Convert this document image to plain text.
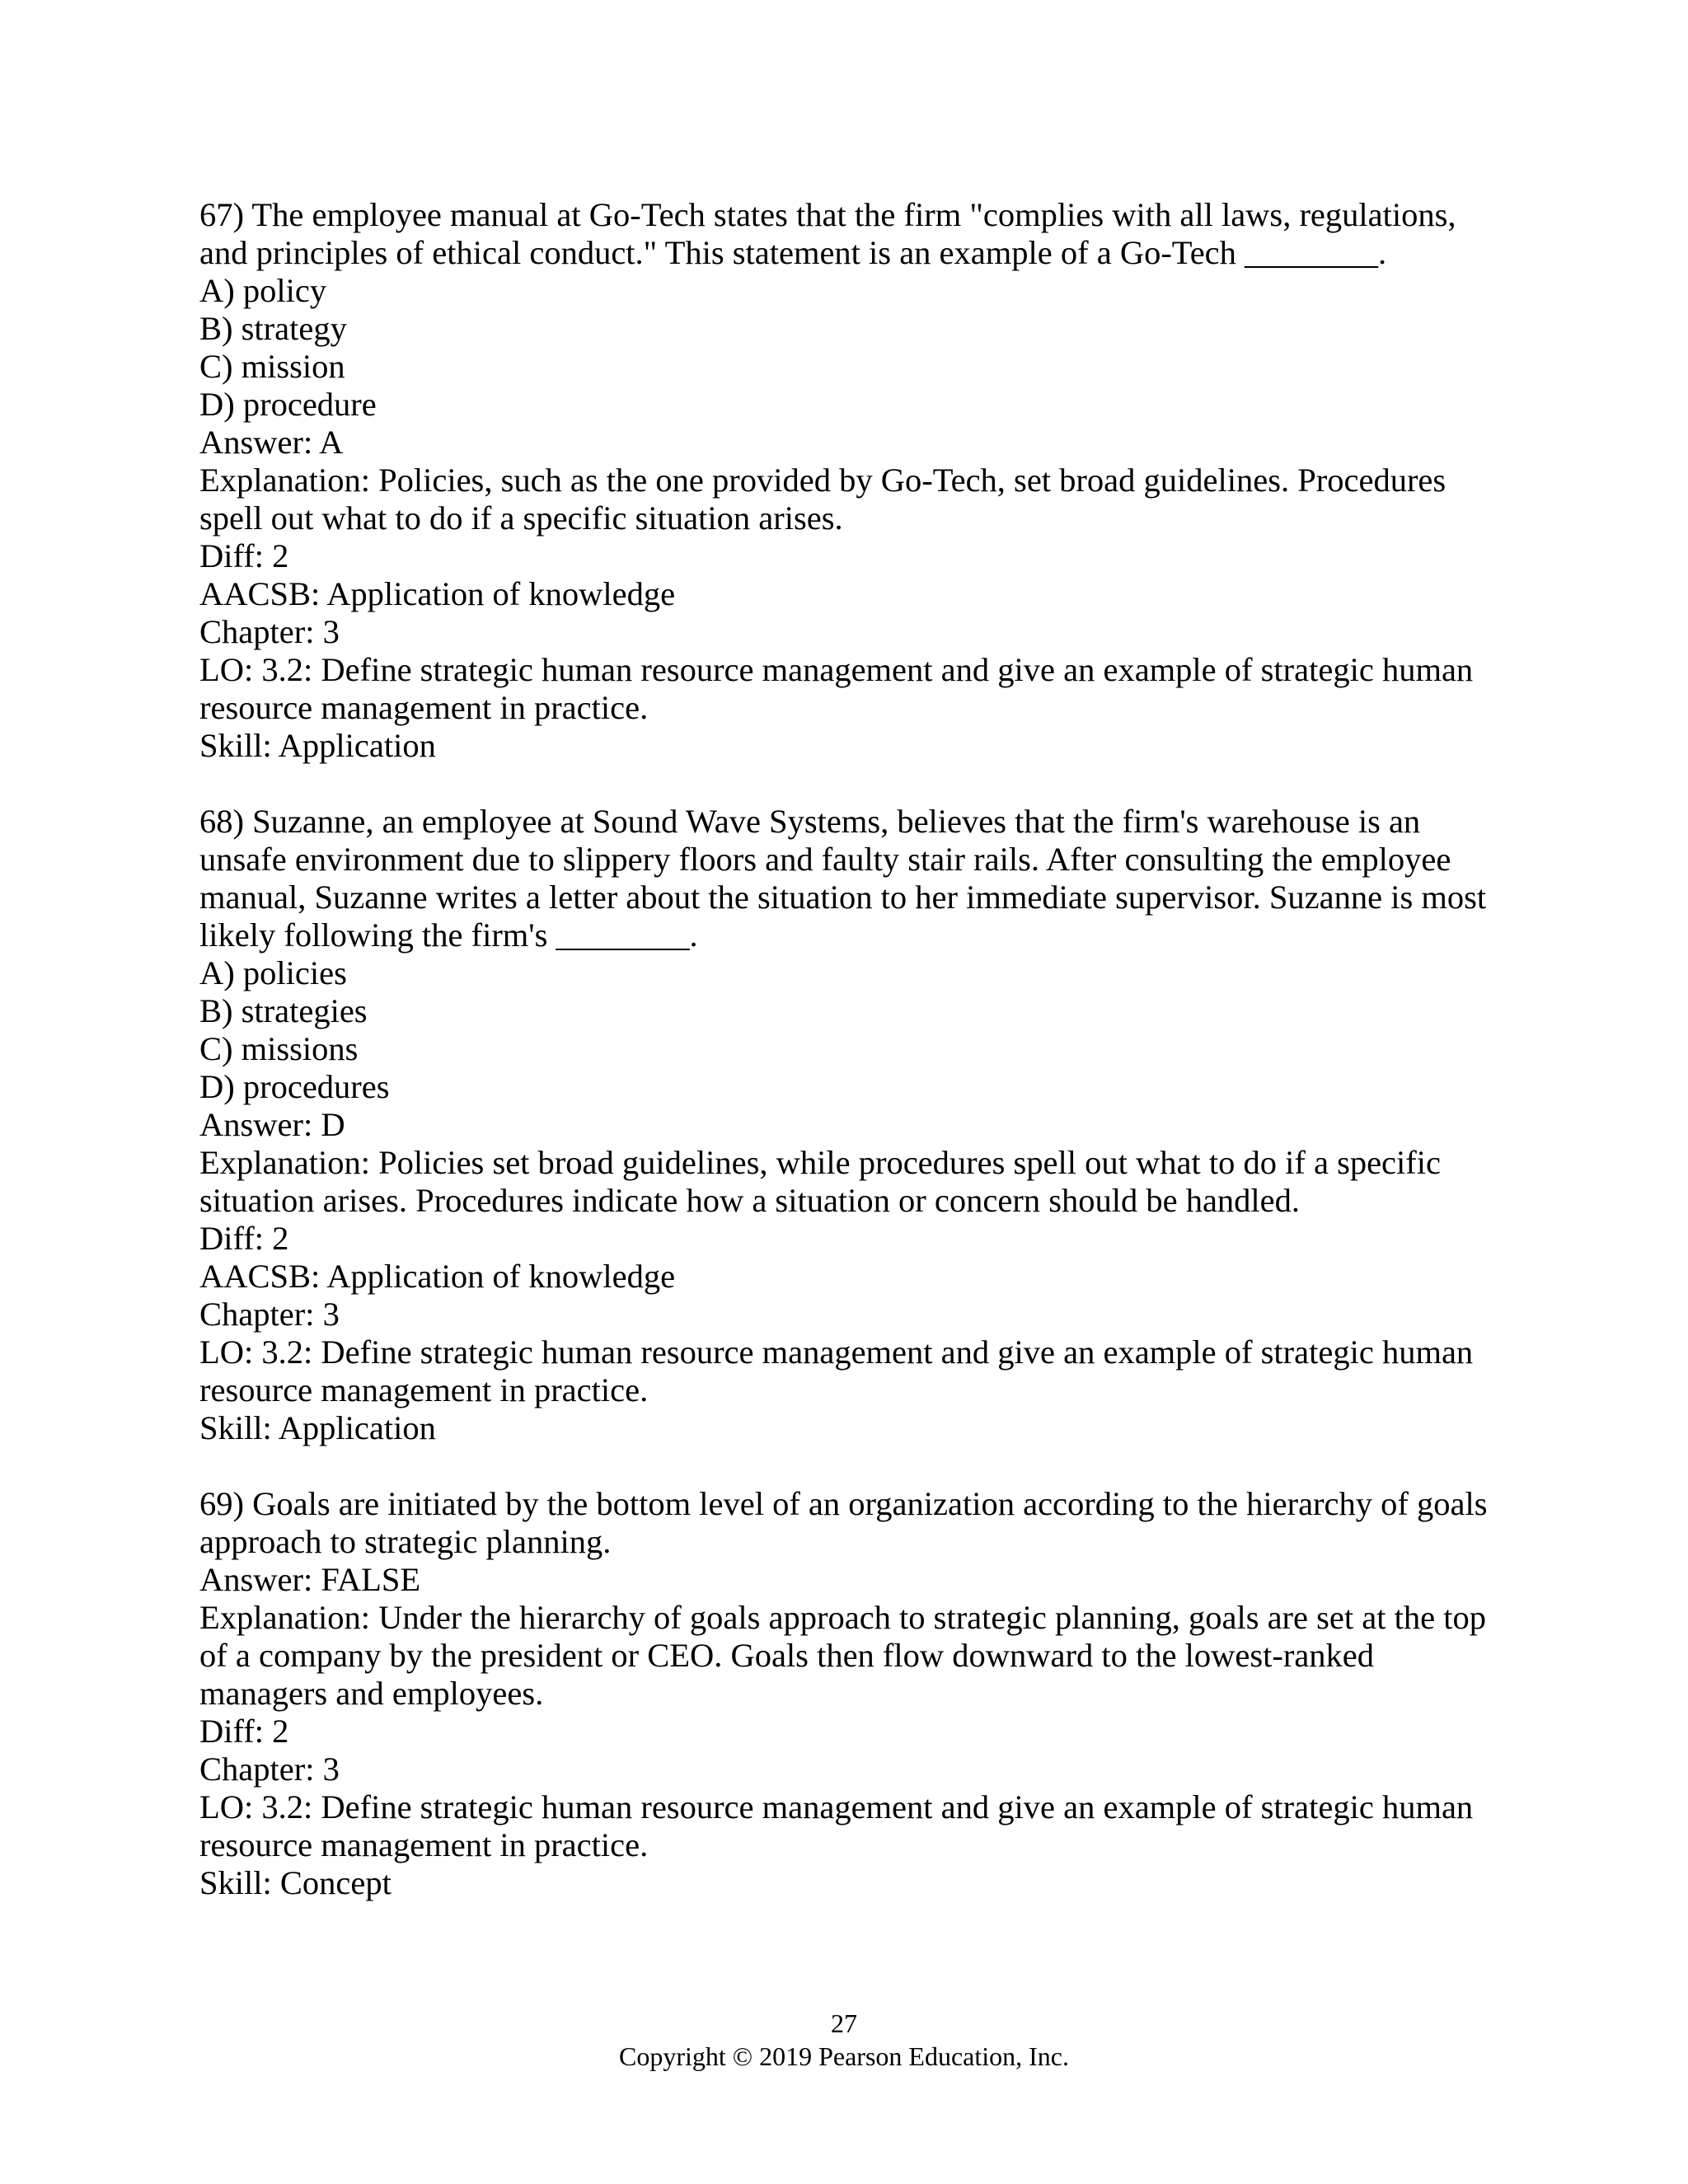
67) The employee manual at Go-Tech states that the firm "complies with all laws, regulations,
and principles of ethical conduct." This statement is an example of a Go-Tech ________.
A) policy
B) strategy
C) mission
D) procedure
Answer: A
Explanation: Policies, such as the one provided by Go-Tech, set broad guidelines. Procedures
spell out what to do if a specific situation arises.
Diff: 2
AACSB: Application of knowledge
Chapter: 3
LO: 3.2: Define strategic human resource management and give an example of strategic human
resource management in practice.
Skill: Application
68) Suzanne, an employee at Sound Wave Systems, believes that the firm's warehouse is an
unsafe environment due to slippery floors and faulty stair rails. After consulting the employee
manual, Suzanne writes a letter about the situation to her immediate supervisor. Suzanne is most
likely following the firm's ________.
A) policies
B) strategies
C) missions
D) procedures
Answer: D
Explanation: Policies set broad guidelines, while procedures spell out what to do if a specific
situation arises. Procedures indicate how a situation or concern should be handled.
Diff: 2
AACSB: Application of knowledge
Chapter: 3
LO: 3.2: Define strategic human resource management and give an example of strategic human
resource management in practice.
Skill: Application
69) Goals are initiated by the bottom level of an organization according to the hierarchy of goals
approach to strategic planning.
Answer: FALSE
Explanation: Under the hierarchy of goals approach to strategic planning, goals are set at the top
of a company by the president or CEO. Goals then flow downward to the lowest-ranked
managers and employees.
Diff: 2
Chapter: 3
LO: 3.2: Define strategic human resource management and give an example of strategic human
resource management in practice.
Skill: Concept
27
Copyright © 2019 Pearson Education, Inc.
